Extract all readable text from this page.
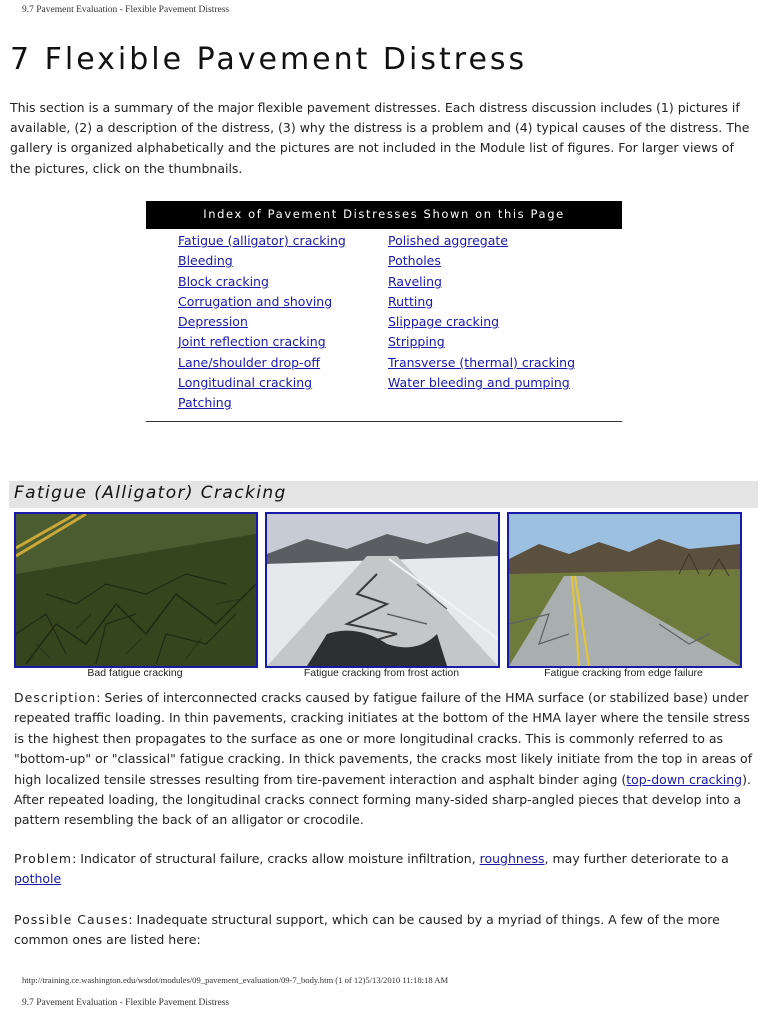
9.7 Pavement Evaluation - Flexible Pavement Distress
7 Flexible Pavement Distress

This section is a summary of the major flexible pavement distresses. Each distress discussion includes (1) pictures if available, (2) a description of the distress, (3) why the distress is a problem and (4) typical causes of the distress. The gallery is organized alphabetically and the pictures are not included in the Module list of figures. For larger views of the pictures, click on the thumbnails.

Index of Pavement Distresses Shown on this Page
Fatigue (alligator) cracking
Bleeding
Block cracking
Corrugation and shoving
Depression
Joint reflection cracking
Lane/shoulder drop-off
Longitudinal cracking
Patching
Polished aggregate
Potholes
Raveling
Rutting
Slippage cracking
Stripping
Transverse (thermal) cracking
Water bleeding and pumping
Fatigue (Alligator) Cracking
Bad fatigue cracking	Fatigue cracking from frost action	Fatigue cracking from edge failure

Description: Series of interconnected cracks caused by fatigue failure of the HMA surface (or stabilized base) under repeated traffic loading. In thin pavements, cracking initiates at the bottom of the HMA layer where the tensile stress is the highest then propagates to the surface as one or more longitudinal cracks. This is commonly referred to as "bottom-up" or "classical" fatigue cracking. In thick pavements, the cracks most likely initiate from the top in areas of high localized tensile stresses resulting from tire-pavement interaction and asphalt binder aging (top-down cracking). After repeated loading, the longitudinal cracks connect forming many-sided sharp-angled pieces that develop into a pattern resembling the back of an alligator or crocodile.

Problem: Indicator of structural failure, cracks allow moisture infiltration, roughness, may further deteriorate to a pothole

Possible Causes: Inadequate structural support, which can be caused by a myriad of things. A few of the more common ones are listed here:

http://training.ce.washington.edu/wsdot/modules/09_pavement_evaluation/09-7_body.htm (1 of 12)5/13/2010 11:18:18 AM
9.7 Pavement Evaluation - Flexible Pavement Distress
